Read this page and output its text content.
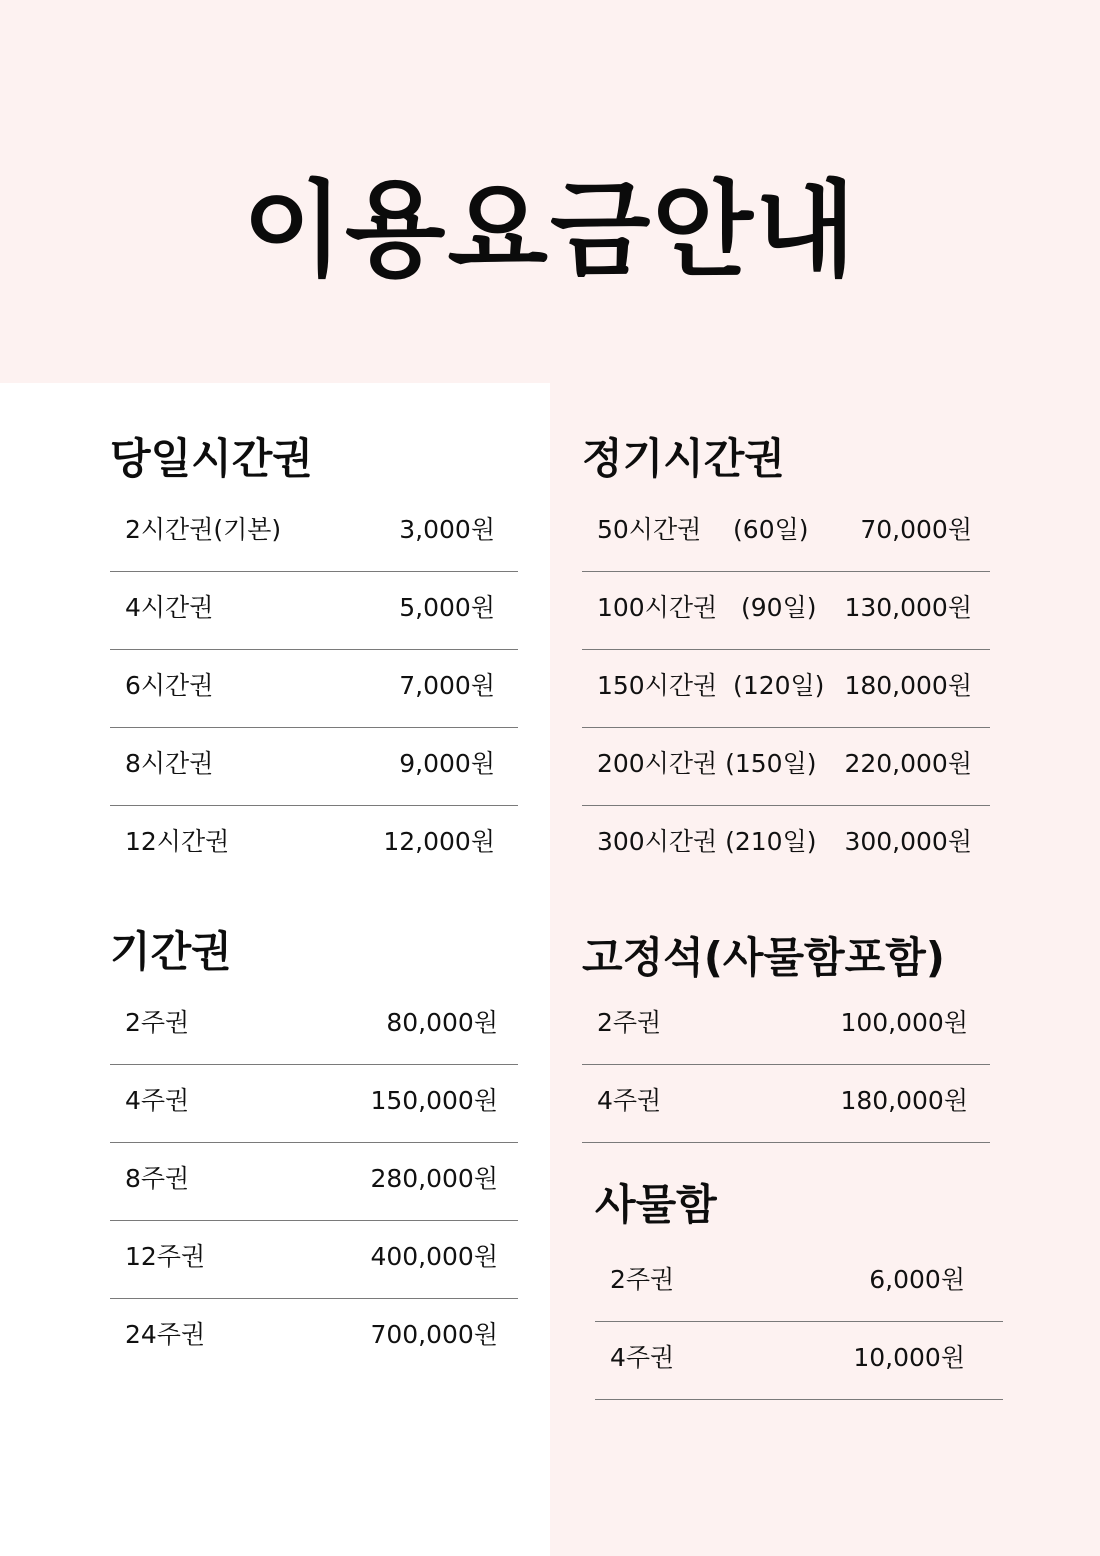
이용요금안내
당일시간권
2시간권(기본)	3,000원
4시간권	5,000원
6시간권	7,000원
8시간권	9,000원
12시간권	12,000원
정기시간권
50시간권    (60일)	70,000원
100시간권   (90일)	130,000원
150시간권  (120일) 180,000원
200시간권 (150일)	220,000원
300시간권 (210일)	300,000원
기간권
2주권	80,000원
4주권	150,000원
8주권	280,000원
12주권	400,000원
24주권	700,000원
고정석(사물함포함)
2주권	100,000원
4주권	180,000원
사물함
2주권	6,000원
4주권	10,000원
